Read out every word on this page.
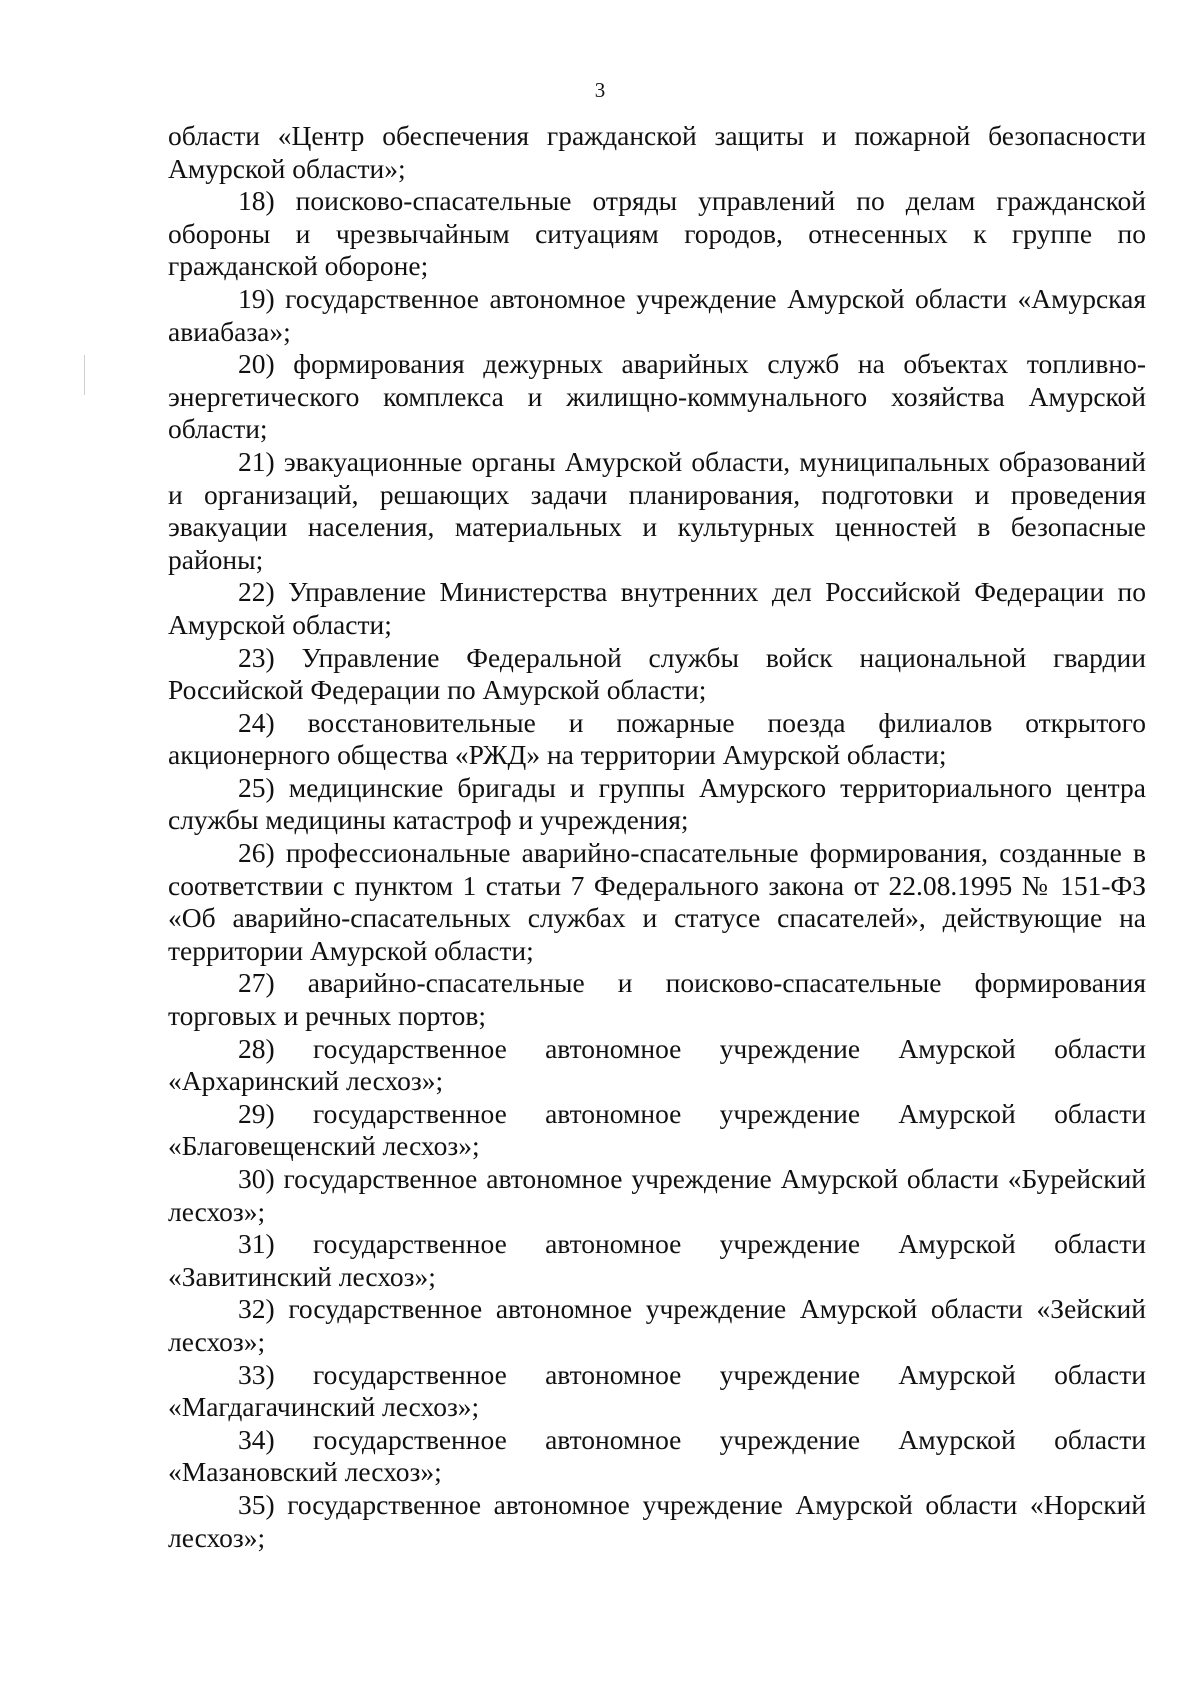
3

области «Центр обеспечения гражданской защиты и пожарной безопасности Амурской области»;

18) поисково-спасательные отряды управлений по делам гражданской обороны и чрезвычайным ситуациям городов, отнесенных к группе по гражданской обороне;

19) государственное автономное учреждение Амурской области «Амурская авиабаза»;

20) формирования дежурных аварийных служб на объектах топливно-энергетического комплекса и жилищно-коммунального хозяйства Амурской области;

21) эвакуационные органы Амурской области, муниципальных образований и организаций, решающих задачи планирования, подготовки и проведения эвакуации населения, материальных и культурных ценностей в безопасные районы;

22) Управление Министерства внутренних дел Российской Федерации по Амурской области;

23) Управление Федеральной службы войск национальной гвардии Российской Федерации по Амурской области;

24) восстановительные и пожарные поезда филиалов открытого акционерного общества «РЖД» на территории Амурской области;

25) медицинские бригады и группы Амурского территориального центра службы медицины катастроф и учреждения;

26) профессиональные аварийно-спасательные формирования, созданные в соответствии с пунктом 1 статьи 7 Федерального закона от 22.08.1995 № 151-ФЗ «Об аварийно-спасательных службах и статусе спасателей», действующие на территории Амурской области;

27) аварийно-спасательные и поисково-спасательные формирования торговых и речных портов;

28) государственное автономное учреждение Амурской области «Архаринский лесхоз»;

29) государственное автономное учреждение Амурской области «Благовещенский лесхоз»;

30) государственное автономное учреждение Амурской области «Бурейский лесхоз»;

31) государственное автономное учреждение Амурской области «Завитинский лесхоз»;

32) государственное автономное учреждение Амурской области «Зейский лесхоз»;

33) государственное автономное учреждение Амурской области «Магдагачинский лесхоз»;

34) государственное автономное учреждение Амурской области «Мазановский лесхоз»;

35) государственное автономное учреждение Амурской области «Норский лесхоз»;
